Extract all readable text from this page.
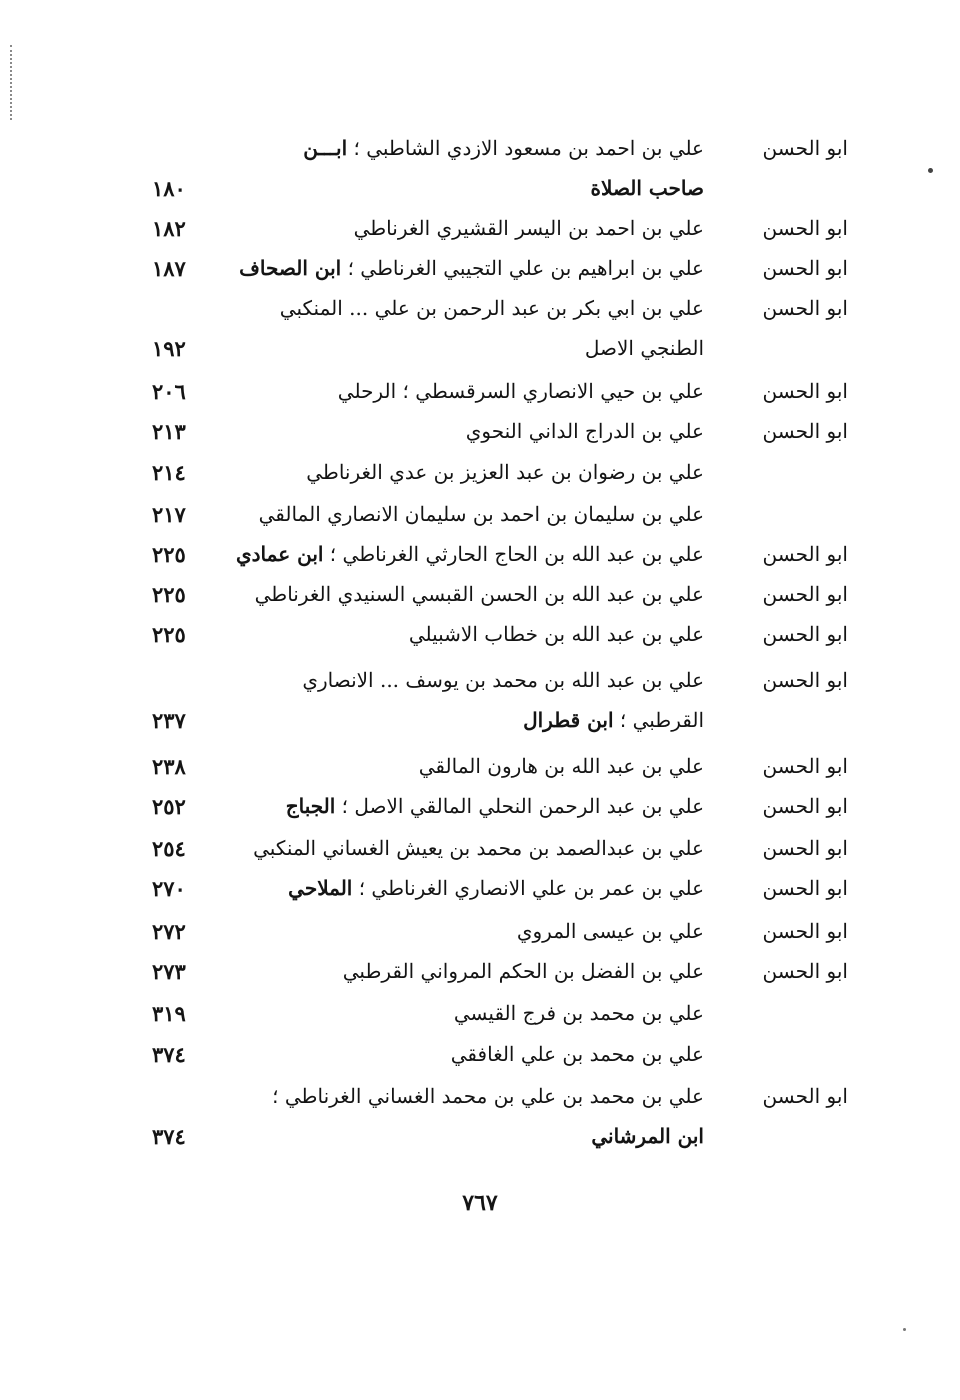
ابو الحسن
علي بن احمد بن مسعود الازدي الشاطبي ؛ ابـــن
صاحب الصلاة
١٨٠
ابو الحسن
علي بن احمد بن اليسر القشيري الغرناطي
١٨٢
ابو الحسن
علي بن ابراهيم بن علي التجيبي الغرناطي ؛ ابن الصحاف
١٨٧
ابو الحسن
علي بن ابي بكر بن عبد الرحمن بن علي ... المنكبي
الطنجي الاصل
١٩٢
ابو الحسن
علي بن حيي الانصاري السرقسطي ؛ الرحلي
٢٠٦
ابو الحسن
علي بن الدراج الداني النحوي
٢١٣
علي بن رضوان بن عبد العزيز بن عدي الغرناطي
٢١٤
علي بن سليمان بن احمد بن سليمان الانصاري المالقي
٢١٧
ابو الحسن
علي بن عبد الله بن الحاج الحارثي الغرناطي ؛ ابن عمادي
٢٢٥
ابو الحسن
علي بن عبد الله بن الحسن القبسي السنيدي الغرناطي
٢٢٥
ابو الحسن
علي بن عبد الله بن خطاب الاشبيلي
٢٢٥
ابو الحسن
علي بن عبد الله بن محمد بن يوسف ... الانصاري
القرطبي ؛ ابن قطرال
٢٣٧
ابو الحسن
علي بن عبد الله بن هارون المالقي
٢٣٨
ابو الحسن
علي بن عبد الرحمن النحلي المالقي الاصل ؛ الجباج
٢٥٢
ابو الحسن
علي بن عبدالصمد بن محمد بن يعيش الغساني المنكبي
٢٥٤
ابو الحسن
علي بن عمر بن علي الانصاري الغرناطي ؛ الملاحي
٢٧٠
ابو الحسن
علي بن عيسى المروي
٢٧٢
ابو الحسن
علي بن الفضل بن الحكم المرواني القرطبي
٢٧٣
علي بن محمد بن فرج القيسي
٣١٩
علي بن محمد بن علي الغافقي
٣٧٤
ابو الحسن
علي بن محمد بن علي بن محمد الغساني الغرناطي ؛
ابن المرشاني
٣٧٤
٧٦٧
